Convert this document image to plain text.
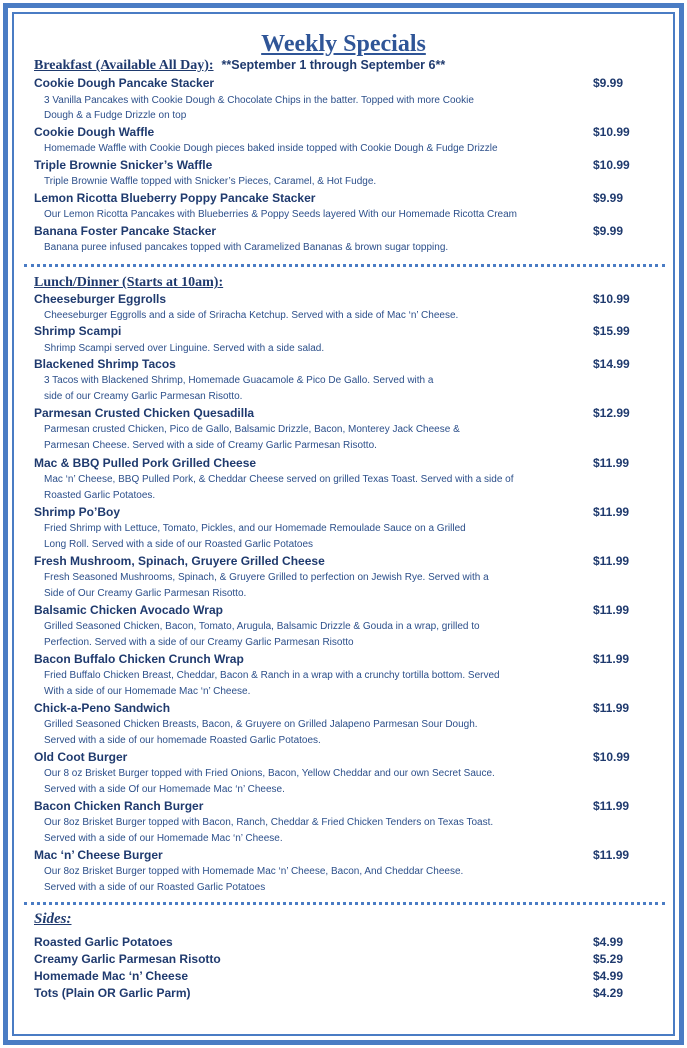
Weekly Specials
Breakfast (Available All Day): **September 1 through September 6**
Cookie Dough Pancake Stacker	$9.99
3 Vanilla Pancakes with Cookie Dough & Chocolate Chips in the batter. Topped with more Cookie
Dough & a Fudge Drizzle on top
Cookie Dough Waffle	$10.99
Homemade Waffle with Cookie Dough pieces baked inside topped with Cookie Dough & Fudge Drizzle
Triple Brownie Snicker’s Waffle	$10.99
Triple Brownie Waffle topped with Snicker’s Pieces, Caramel, & Hot Fudge.
Lemon Ricotta Blueberry Poppy Pancake Stacker	$9.99
Our Lemon Ricotta Pancakes with Blueberries & Poppy Seeds layered With our Homemade Ricotta Cream
Banana Foster Pancake Stacker	$9.99
Banana puree infused pancakes topped with Caramelized Bananas & brown sugar topping.
Lunch/Dinner (Starts at 10am):
Cheeseburger Eggrolls	$10.99
Cheeseburger Eggrolls and a side of Sriracha Ketchup. Served with a side of Mac ‘n’ Cheese.
Shrimp Scampi	$15.99
Shrimp Scampi served over Linguine. Served with a side salad.
Blackened Shrimp Tacos	$14.99
3 Tacos with Blackened Shrimp, Homemade Guacamole & Pico De Gallo. Served with a
side of our Creamy Garlic Parmesan Risotto.
Parmesan Crusted Chicken Quesadilla	$12.99
Parmesan crusted Chicken, Pico de Gallo, Balsamic Drizzle, Bacon, Monterey Jack Cheese &
Parmesan Cheese. Served with a side of Creamy Garlic Parmesan Risotto.
Mac & BBQ Pulled Pork Grilled Cheese	$11.99
Mac ‘n’ Cheese, BBQ Pulled Pork, & Cheddar Cheese served on grilled Texas Toast. Served with a side of
Roasted Garlic Potatoes.
Shrimp Po’Boy	$11.99
Fried Shrimp with Lettuce, Tomato, Pickles, and our Homemade Remoulade Sauce on a Grilled
Long Roll. Served with a side of our Roasted Garlic Potatoes
Fresh Mushroom, Spinach, Gruyere Grilled Cheese	$11.99
Fresh Seasoned Mushrooms, Spinach, & Gruyere Grilled to perfection on Jewish Rye. Served with a
Side of Our Creamy Garlic Parmesan Risotto.
Balsamic Chicken Avocado Wrap	$11.99
Grilled Seasoned Chicken, Bacon, Tomato, Arugula, Balsamic Drizzle & Gouda in a wrap, grilled to
Perfection. Served with a side of our Creamy Garlic Parmesan Risotto
Bacon Buffalo Chicken Crunch Wrap	$11.99
Fried Buffalo Chicken Breast, Cheddar, Bacon & Ranch in a wrap with a crunchy tortilla bottom. Served
With a side of our Homemade Mac ‘n’ Cheese.
Chick-a-Peno Sandwich	$11.99
Grilled Seasoned Chicken Breasts, Bacon, & Gruyere on Grilled Jalapeno Parmesan Sour Dough.
Served with a side of our homemade Roasted Garlic Potatoes.
Old Coot Burger	$10.99
Our 8 oz Brisket Burger topped with Fried Onions, Bacon, Yellow Cheddar and our own Secret Sauce.
Served with a side Of our Homemade Mac ‘n’ Cheese.
Bacon Chicken Ranch Burger	$11.99
Our 8oz Brisket Burger topped with Bacon, Ranch, Cheddar & Fried Chicken Tenders on Texas Toast.
Served with a side of our Homemade Mac ‘n’ Cheese.
Mac ‘n’ Cheese Burger	$11.99
Our 8oz Brisket Burger topped with Homemade Mac ‘n’ Cheese, Bacon, And Cheddar Cheese.
Served with a side of our Roasted Garlic Potatoes
Sides:
Roasted Garlic Potatoes	$4.99
Creamy Garlic Parmesan Risotto	$5.29
Homemade Mac ‘n’ Cheese	$4.99
Tots (Plain OR Garlic Parm)	$4.29
